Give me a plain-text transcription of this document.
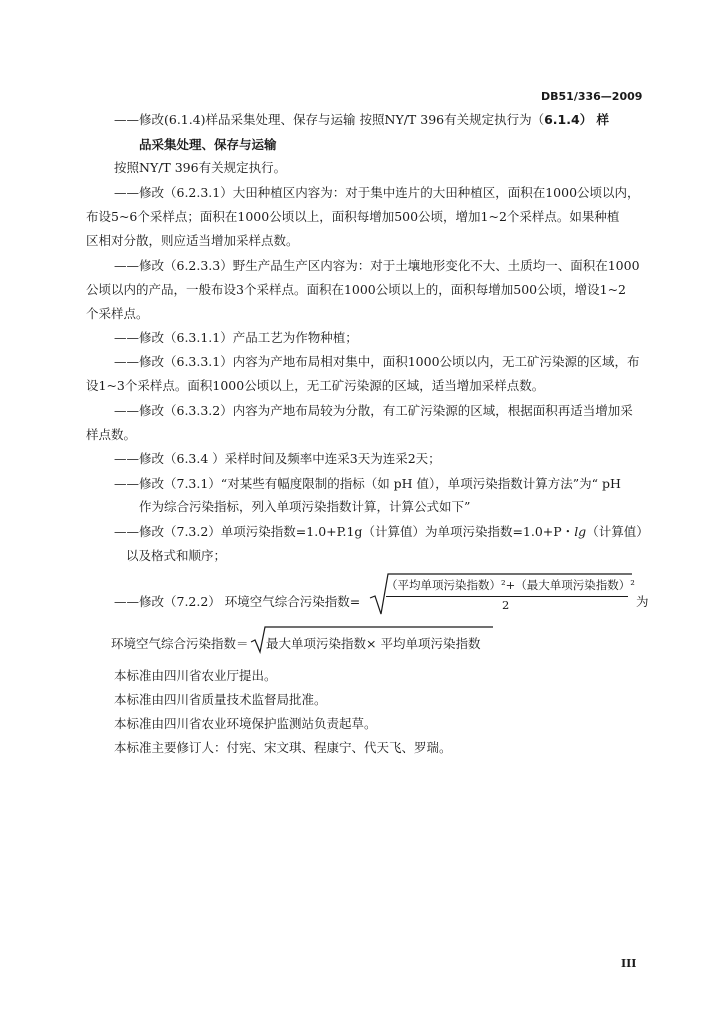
DB51/336—2009
——修改(6.1.4)样品采集处理、保存与运输 按照NY/T 396有关规定执行为（6.1.4） 样
品采集处理、保存与运输
按照NY/T 396有关规定执行。
——修改（6.2.3.1）大田种植区内容为：对于集中连片的大田种植区，面积在1000公顷以内，
布设5~6个采样点；面积在1000公顷以上，面积每增加500公顷，增加1~2个采样点。如果种植
区相对分散，则应适当增加采样点数。
——修改（6.2.3.3）野生产品生产区内容为：对于土壤地形变化不大、土质均一、面积在1000
公顷以内的产品，一般布设3个采样点。面积在1000公顷以上的，面积每增加500公顷，增设1~2
个采样点。
——修改（6.3.1.1）产品工艺为作物种植；
——修改（6.3.3.1）内容为产地布局相对集中，面积1000公顷以内，无工矿污染源的区域，布
设1~3个采样点。面积1000公顷以上，无工矿污染源的区域，适当增加采样点数。
——修改（6.3.3.2）内容为产地布局较为分散，有工矿污染源的区域，根据面积再适当增加采
样点数。
——修改（6.3.4 ）采样时间及频率中连采3天为连采2天；
——修改（7.3.1）“对某些有幅度限制的指标（如 pH 值），单项污染指数计算方法”为“ pH
作为综合污染指标，列入单项污染指数计算，计算公式如下”
——修改（7.3.2）单项污染指数=1.0+P.1g（计算值）为单项污染指数=1.0+P・lg（计算值）
以及格式和顺序；
——修改（7.2.2） 环境空气综合污染指数=
（平均单项污染指数）²+（最大单项污染指数）²
2	为
环境空气综合污染指数＝ 最大单项污染指数× 平均单项污染指数
本标准由四川省农业厅提出。
本标准由四川省质量技术监督局批准。
本标准由四川省农业环境保护监测站负责起草。
本标准主要修订人：付宪、宋文琪、程康宁、代天飞、罗瑞。
III
